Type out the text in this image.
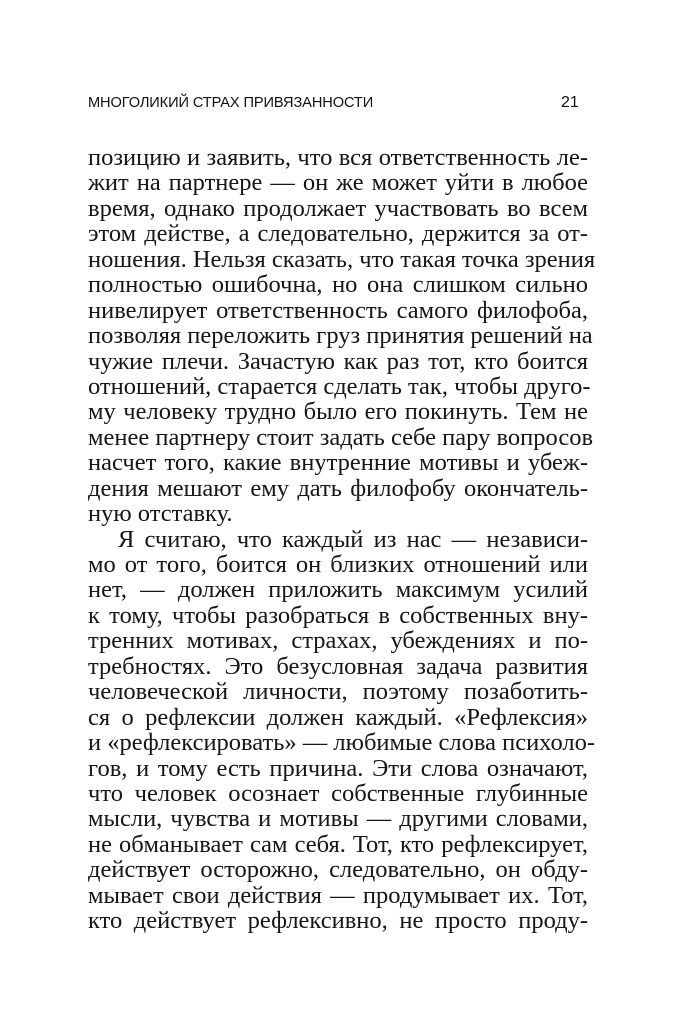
МНОГОЛИКИЙ СТРАХ ПРИВЯЗАННОСТИ	21
позицию и заявить, что вся ответственность ле-
жит на партнере — он же может уйти в любое
время, однако продолжает участвовать во всем
этом действе, а следовательно, держится за от-
ношения. Нельзя сказать, что такая точка зрения
полностью ошибочна, но она слишком сильно
нивелирует ответственность самого филофоба,
позволяя переложить груз принятия решений на
чужие плечи. Зачастую как раз тот, кто боится
отношений, старается сделать так, чтобы друго-
му человеку трудно было его покинуть. Тем не
менее партнеру стоит задать себе пару вопросов
насчет того, какие внутренние мотивы и убеж-
дения мешают ему дать филофобу окончатель-
ную отставку.
Я считаю, что каждый из нас — независи-
мо от того, боится он близких отношений или
нет, — должен приложить максимум усилий
к тому, чтобы разобраться в собственных вну-
тренних мотивах, страхах, убеждениях и по-
требностях. Это безусловная задача развития
человеческой личности, поэтому позаботить-
ся о рефлексии должен каждый. «Рефлексия»
и «рефлексировать» — любимые слова психоло-
гов, и тому есть причина. Эти слова означают,
что человек осознает собственные глубинные
мысли, чувства и мотивы — другими словами,
не обманывает сам себя. Тот, кто рефлексирует,
действует осторожно, следовательно, он обду-
мывает свои действия — продумывает их. Тот,
кто действует рефлексивно, не просто проду-
